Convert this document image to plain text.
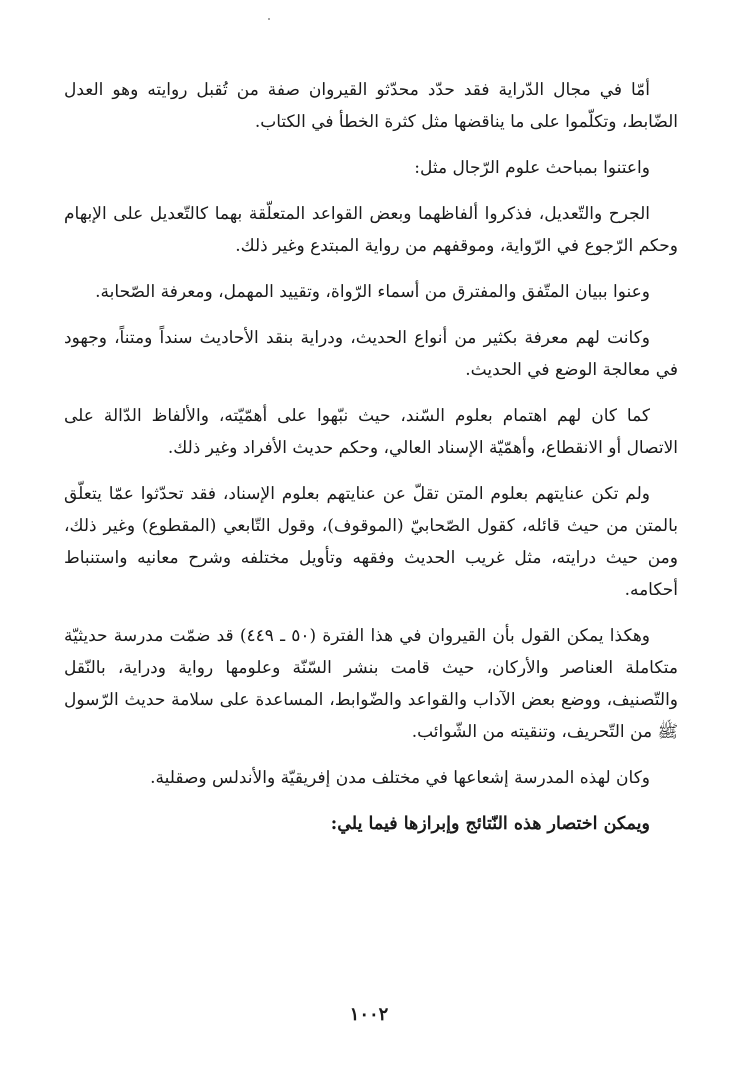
أمّا في مجال الدّراية فقد حدّد محدّثو القيروان صفة من تُقبل روايته وهو العدل الضّابط، وتكلّموا على ما يناقضها مثل كثرة الخطأ في الكتاب.

واعتنوا بمباحث علوم الرّجال مثل:

الجرح والتّعديل، فذكروا ألفاظهما وبعض القواعد المتعلّقة بهما كالتّعديل على الإبهام وحكم الرّجوع في الرّواية، وموقفهم من رواية المبتدع وغير ذلك.

وعنوا ببيان المتّفق والمفترق من أسماء الرّواة، وتقييد المهمل، ومعرفة الصّحابة.

وكانت لهم معرفة بكثير من أنواع الحديث، ودراية بنقد الأحاديث سنداً ومتناً، وجهود في معالجة الوضع في الحديث.

كما كان لهم اهتمام بعلوم السّند، حيث نبّهوا على أهمّيّته، والألفاظ الدّالة على الاتصال أو الانقطاع، وأهمّيّة الإسناد العالي، وحكم حديث الأفراد وغير ذلك.

ولم تكن عنايتهم بعلوم المتن تقلّ عن عنايتهم بعلوم الإسناد، فقد تحدّثوا عمّا يتعلّق بالمتن من حيث قائله، كقول الصّحابيّ (الموقوف)، وقول التّابعي (المقطوع) وغير ذلك، ومن حيث درايته، مثل غريب الحديث وفقهه وتأويل مختلفه وشرح معانيه واستنباط أحكامه.

وهكذا يمكن القول بأن القيروان في هذا الفترة (٥٠ ـ ٤٤٩) قد ضمّت مدرسة حديثيّة متكاملة العناصر والأركان، حيث قامت بنشر السّنّة وعلومها رواية ودراية، بالنّقل والتّصنيف، ووضع بعض الآداب والقواعد والضّوابط، المساعدة على سلامة حديث الرّسول ﷺ من التّحريف، وتنقيته من الشّوائب.

وكان لهذه المدرسة إشعاعها في مختلف مدن إفريقيّة والأندلس وصقلية.

ويمكن اختصار هذه النّتائج وإبرازها فيما يلي:

١٠٠٢
